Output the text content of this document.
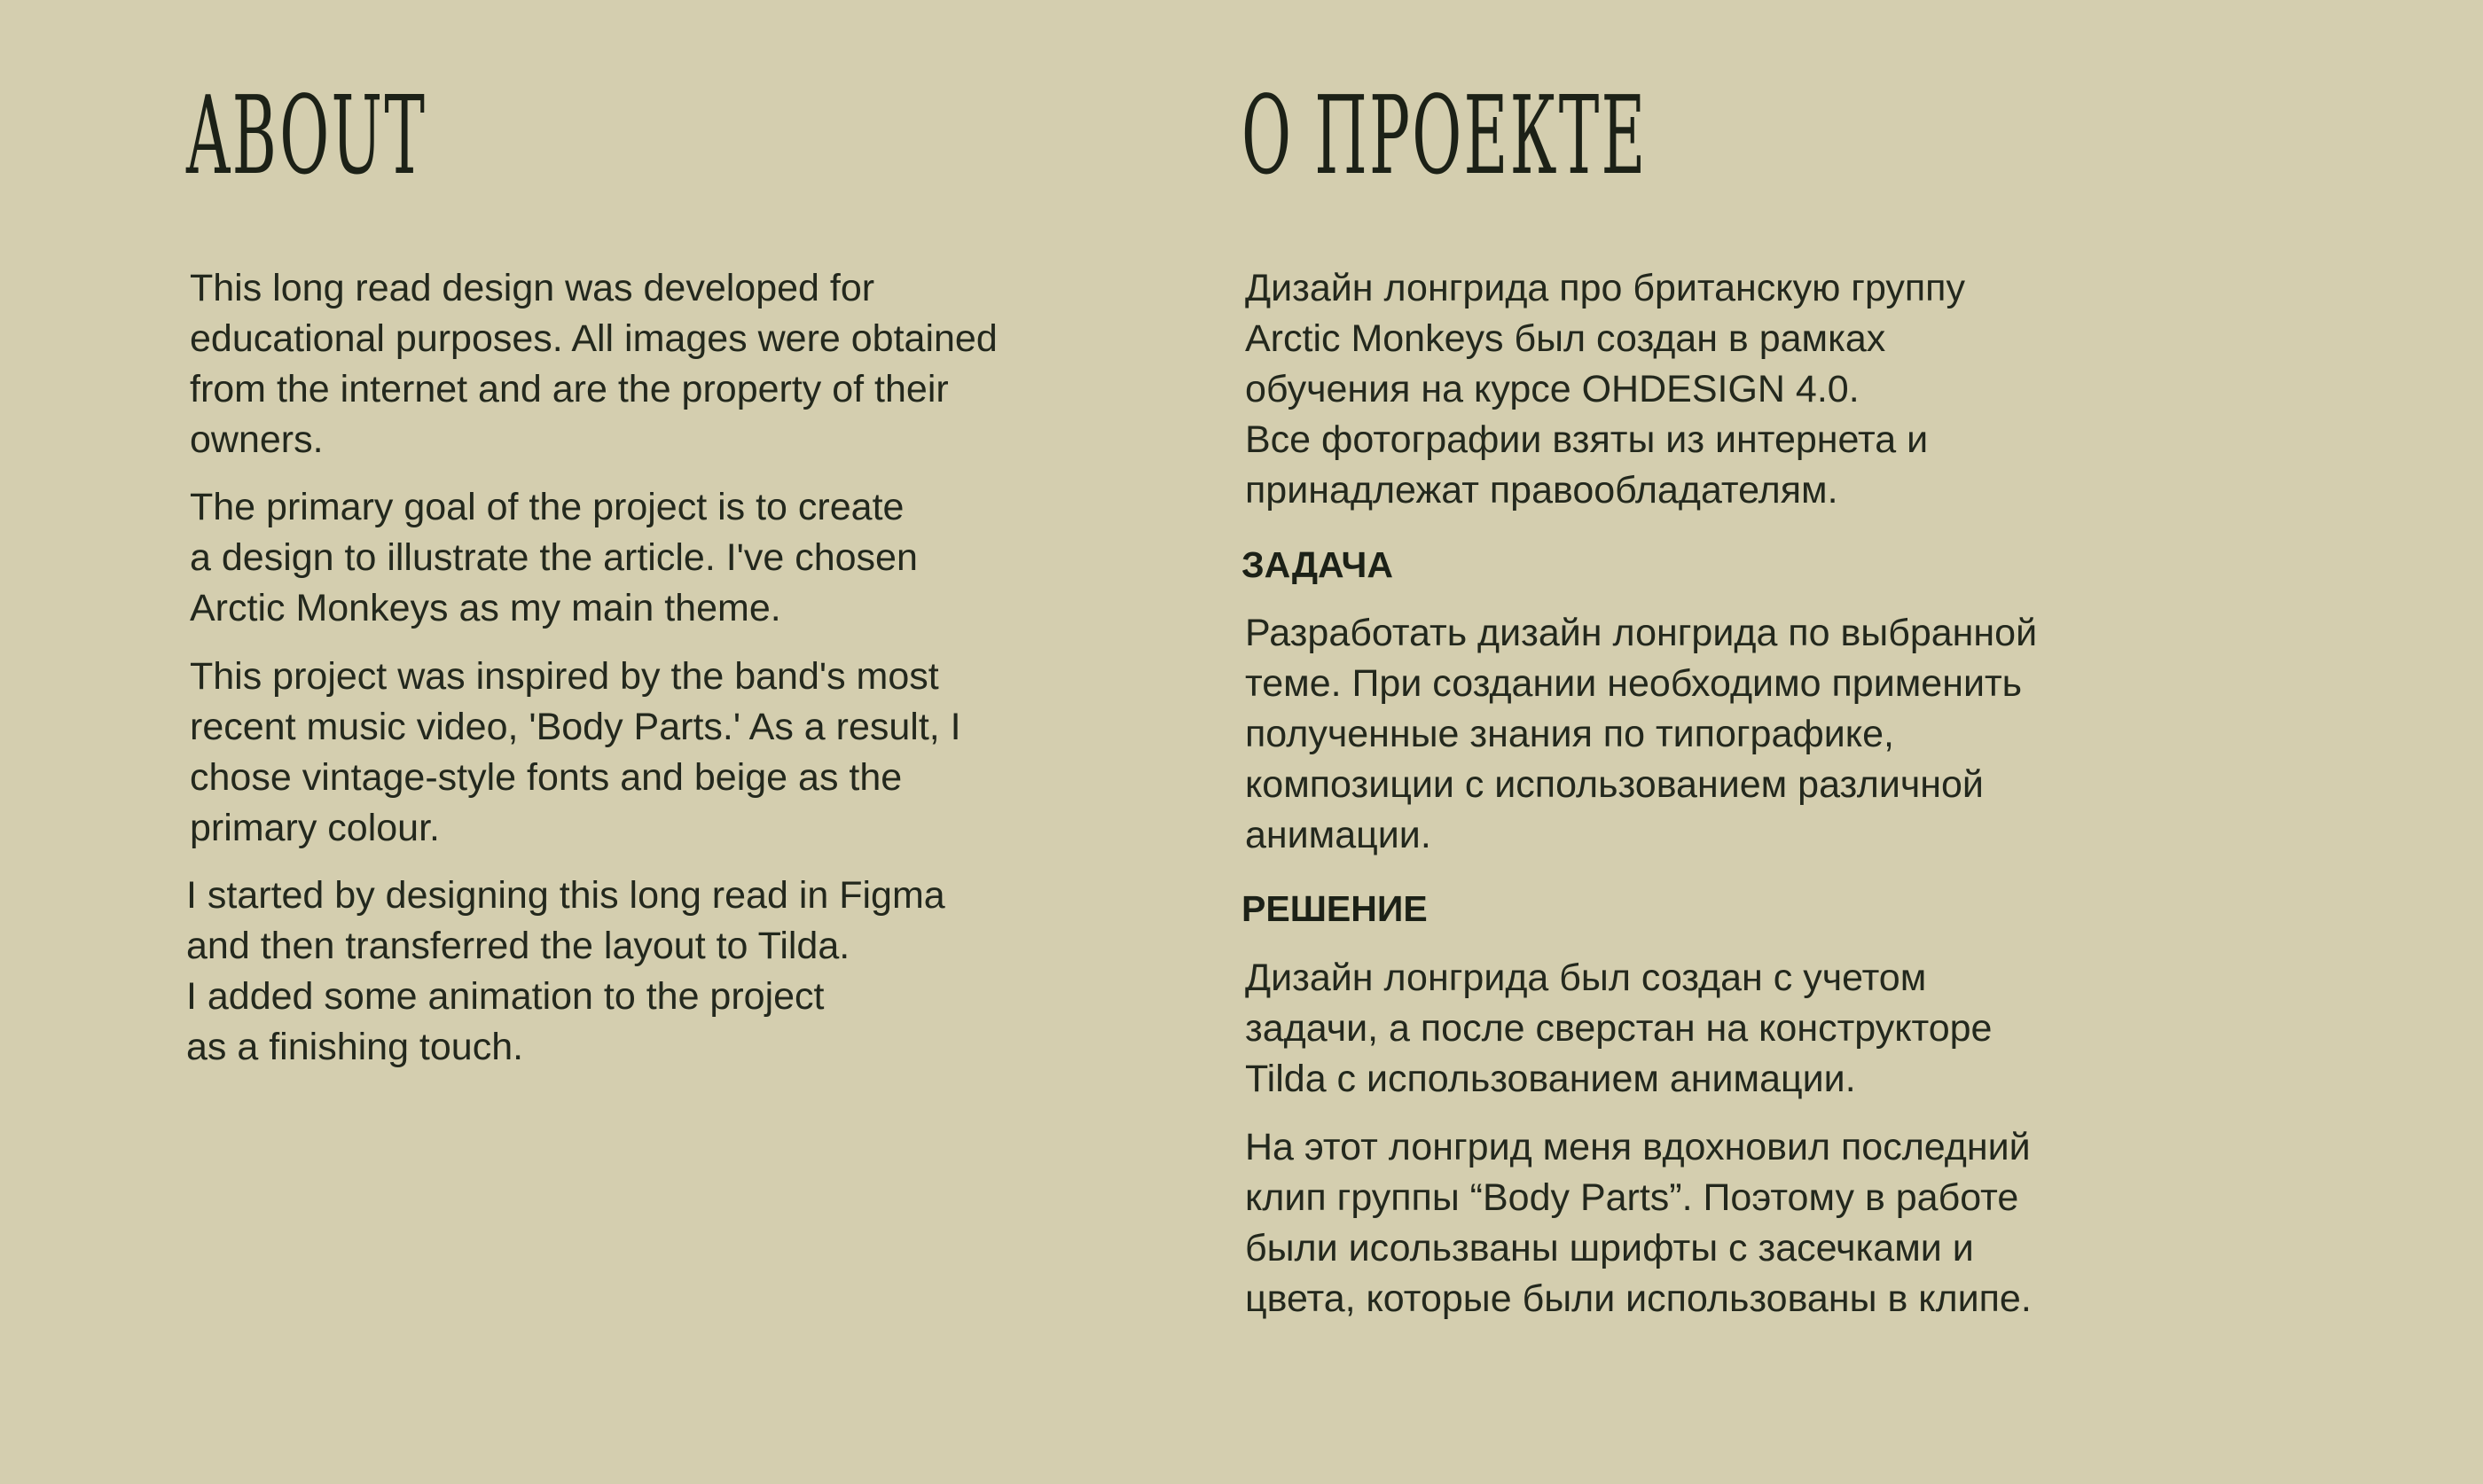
ABOUT

This long read design was developed for
educational purposes. All images were obtained
from the internet and are the property of their
owners.

The primary goal of the project is to create
a design to illustrate the article. I've chosen
Arctic Monkeys as my main theme.

This project was inspired by the band's most
recent music video, 'Body Parts.' As a result, I
chose vintage-style fonts and beige as the
primary colour.

I started by designing this long read in Figma
and then transferred the layout to Tilda.
I added some animation to the project
as a finishing touch.

О ПРОЕКТЕ

Дизайн лонгрида про британскую группу
Arctic Monkeys был создан в рамках
обучения на курсе OHDESIGN 4.0.
Все фотографии взяты из интернета и
принадлежат правообладателям.

ЗАДАЧА

Разработать дизайн лонгрида по выбранной
теме. При создании необходимо применить
полученные знания по типографике,
композиции с использованием различной
анимации.

РЕШЕНИЕ

Дизайн лонгрида был создан с учетом
задачи, а после сверстан на конструкторе
Tilda с использованием анимации.

На этот лонгрид меня вдохновил последний
клип группы “Body Parts”. Поэтому в работе
были исользваны шрифты с засечками и
цвета, которые были использованы в клипе.
